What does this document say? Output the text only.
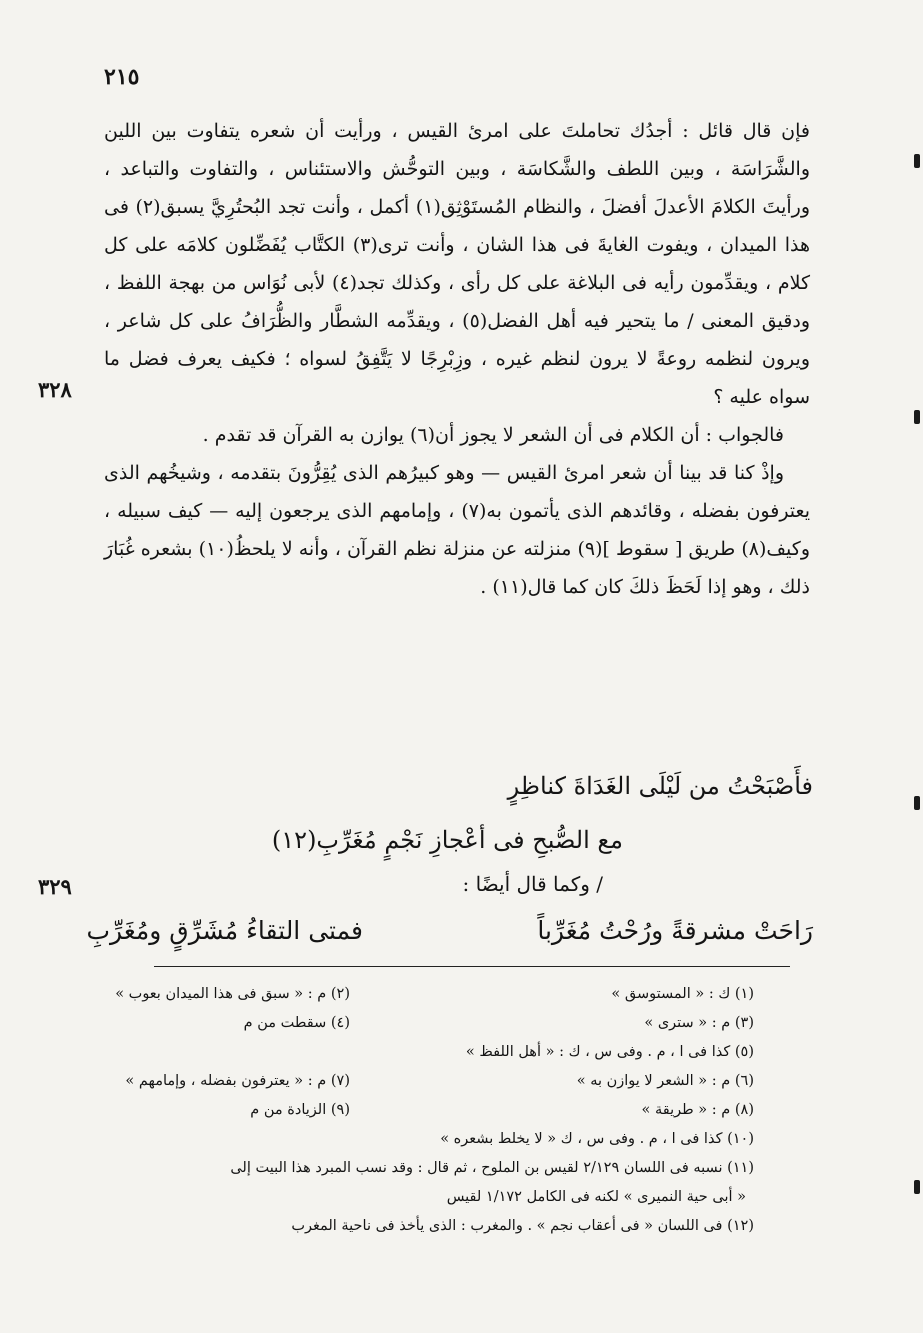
٢١٥

فإن قال قائل : أجدُك تحاملتَ على امرئ القيس ، ورأيت أن شعره يتفاوت بين اللين والشَّرَاسَة ، وبين اللطف والشَّكاسَة ، وبين التوحُّش والاستئناس ، والتفاوت والتباعد ، ورأيتَ الكلامَ الأعدلَ أفضلَ ، والنظام المُستَوْثِق(١) أكمل ، وأنت تجد البُحتُرِيَّ يسبق(٢) فى هذا الميدان ، ويفوت الغايةَ فى هذا الشان ، وأنت ترى(٣) الكتَّاب يُفَضِّلون كلامَه على كل كلام ، ويقدِّمون رأيه فى البلاغة على كل رأى ، وكذلك تجد(٤) لأبى نُوَاس من بهجة اللفظ ، ودقيق المعنى / ما يتحير فيه أهل الفضل(٥) ، ويقدِّمه الشطَّار والظُّرَافُ على كل شاعر ، ويرون لنظمه روعةً لا يرون لنظم غيره ، وزِبْرِجًا لا يَتَّفِقُ لسواه ؛ فكيف يعرف فضل ما سواه عليه ؟

فالجواب : أن الكلام فى أن الشعر لا يجوز أن(٦) يوازن به القرآن قد تقدم .

وإذْ كنا قد بينا أن شعر امرئ القيس — وهو كبيرُهم الذى يُقِرُّونَ بتقدمه ، وشيخُهم الذى يعترفون بفضله ، وقائدهم الذى يأتمون به(٧) ، وإمامهم الذى يرجعون إليه — كيف سبيله ، وكيف(٨) طريق [ سقوط ](٩) منزلته عن منزلة نظم القرآن ، وأنه لا يلحظُ(١٠) بشعره غُبَارَ ذلك ، وهو إذا لَحَظَ ذلكَ كان كما قال(١١) .

٣٢٨
فأَصْبَحْتُ من لَيْلَى الغَدَاةَ كناظِرٍ
مع الصُّبحِ فى أعْجازِ نَجْمٍ مُغَرِّبِ(١٢)
٣٢٩	/ وكما قال أيضًا :
رَاحَتْ مشرقةً ورُحْتُ مُغَرِّباً
فمتى التقاءُ مُشَرِّقٍ ومُغَرِّبِ
(١) ك : « المستوسق »
(٢) م : « سبق فى هذا الميدان بعوب »
(٣) م : « سترى »
(٤) سقطت من م
(٥) كذا فى ا ، م . وفى س ، ك : « أهل اللفظ »
(٦) م : « الشعر لا يوازن به »
(٧) م : « يعترفون بفضله ، وإمامهم »
(٨) م : « طريقة »
(٩) الزيادة من م
(١٠) كذا فى ا ، م . وفى س ، ك « لا يخلط بشعره »
(١١) نسبه فى اللسان ٢/١٢٩ لقيس بن الملوح ، ثم قال : وقد نسب المبرد هذا البيت إلى
« أبى حية النميرى » لكنه فى الكامل ١/١٧٢ لقيس
(١٢) فى اللسان « فى أعقاب نجم » . والمغرب : الذى يأخذ فى ناحية المغرب
